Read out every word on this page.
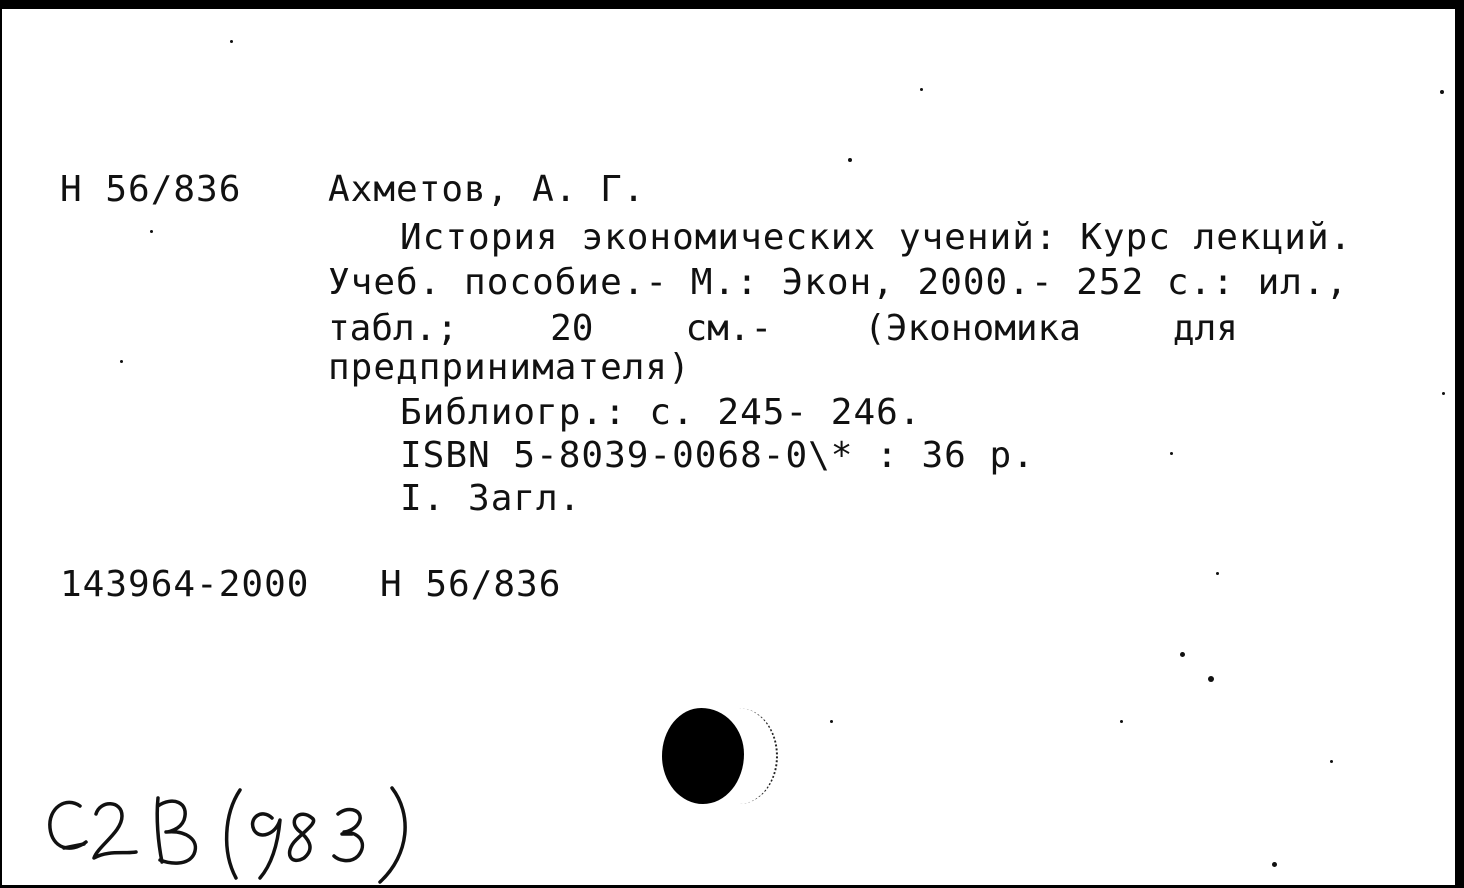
Н 56/836 Ахметов, А. Г.
История экономических учений: Курс лекций.
Учеб. пособие.- М.: Экон, 2000.- 252 с.: ил.,
табл.;	20	см.-	(Экономика	для
предпринимателя)
Библиогр.: с. 245- 246.
ISBN 5-8039-0068-0\* : 36 р.
I. Загл.
143964-2000 Н 56/836
